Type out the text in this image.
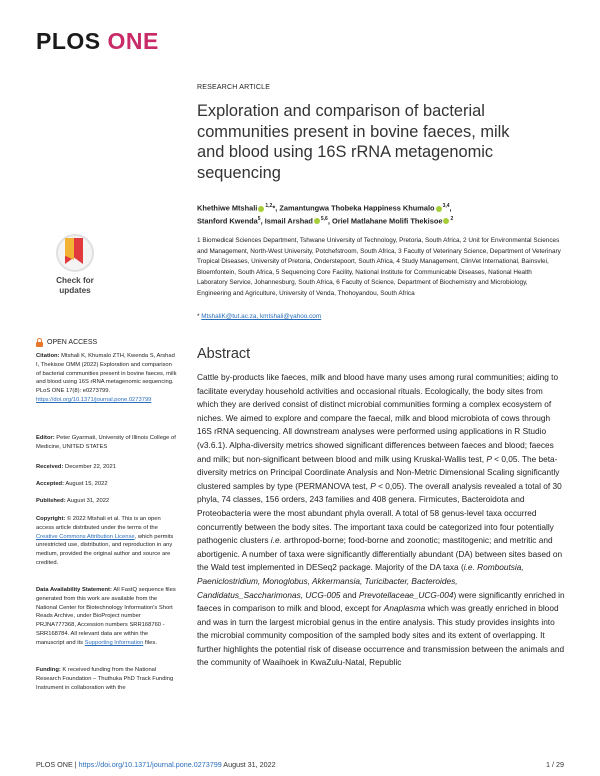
PLOS ONE
RESEARCH ARTICLE
Exploration and comparison of bacterial communities present in bovine faeces, milk and blood using 16S rRNA metagenomic sequencing
Khethiwe Mtshali $^{1,2}$*, Zamantungwa Thobeka Happiness Khumalo $^{3,4}$,
Stanford Kwenda$^5$, Ismail Arshad $^{5,6}$, Oriel Matlahane Molifi Thekisoe $^2$
1 Biomedical Sciences Department, Tshwane University of Technology, Pretoria, South Africa, 2 Unit for Environmental Sciences and Management, North-West University, Potchefstroom, South Africa, 3 Faculty of Veterinary Science, Department of Veterinary Tropical Diseases, University of Pretoria, Onderstepoort, South Africa, 4 Study Management, ClinVet International, Bainsvlei, Bloemfontein, South Africa, 5 Sequencing Core Facility, National Institute for Communicable Diseases, National Health Laboratory Service, Johannesburg, South Africa, 6 Faculty of Science, Department of Biochemistry and Microbiology, Engineering and Agriculture, University of Venda, Thohoyandou, South Africa
* MtshaliK@tut.ac.za, kmtshali@yahoo.com
Check for
updates
OPEN ACCESS
Citation: Mtshali K, Khumalo ZTH, Kwenda S, Arshad I, Thekisoe OMM (2022) Exploration and comparison of bacterial communities present in bovine faeces, milk and blood using 16S rRNA metagenomic sequencing. PLoS ONE 17(8): e0273799. https://doi.org/10.1371/journal.pone.0273799
Editor: Peter Gyarmati, University of Illinois College of Medicine, UNITED STATES
Received: December 22, 2021
Accepted: August 15, 2022
Published: August 31, 2022
Copyright: © 2022 Mtshali et al. This is an open access article distributed under the terms of the Creative Commons Attribution License, which permits unrestricted use, distribution, and reproduction in any medium, provided the original author and source are credited.
Data Availability Statement: All FastQ sequence files generated from this work are available from the National Center for Biotechnology Information's Short Reads Archive, under BioProject number PRJNA777368, Accession numbers SRR168760 -SRR168784. All relevant data are within the manuscript and its Supporting Information files.
Funding: K received funding from the National Research Foundation – Thuthuka PhD Track Funding Instrument in collaboration with the
Abstract
Cattle by-products like faeces, milk and blood have many uses among rural communities; aiding to facilitate everyday household activities and occasional rituals. Ecologically, the body sites from which they are derived consist of distinct microbial communities forming a complex ecosystem of niches. We aimed to explore and compare the faecal, milk and blood microbiota of cows through 16S rRNA sequencing. All downstream analyses were performed using applications in R Studio (v3.6.1). Alpha-diversity metrics showed significant differences between faeces and blood; faeces and milk; but non-significant between blood and milk using Kruskal-Wallis test, P < 0,05. The beta-diversity metrics on Principal Coordinate Analysis and Non-Metric Dimensional Scaling significantly clustered samples by type (PERMANOVA test, P < 0,05). The overall analysis revealed a total of 30 phyla, 74 classes, 156 orders, 243 families and 408 genera. Firmicutes, Bacteroidota and Proteobacteria were the most abundant phyla overall. A total of 58 genus-level taxa occurred concurrently between the body sites. The important taxa could be categorized into four potentially pathogenic clusters i.e. arthropod-borne; food-borne and zoonotic; mastitogenic; and metritic and abortigenic. A number of taxa were significantly differentially abundant (DA) between sites based on the Wald test implemented in DESeq2 package. Majority of the DA taxa (i.e. Romboutsia, Paeniclostridium, Monoglobus, Akkermansia, Turicibacter, Bacteroides, Candidatus_Saccharimonas, UCG-005 and Prevotellaceae_UCG-004) were significantly enriched in faeces in comparison to milk and blood, except for Anaplasma which was greatly enriched in blood and was in turn the largest microbial genus in the entire analysis. This study provides insights into the microbial community composition of the sampled body sites and its extent of overlapping. It further highlights the potential risk of disease occurrence and transmission between the animals and the community of Waaihoek in KwaZulu-Natal, Republic
PLOS ONE | https://doi.org/10.1371/journal.pone.0273799 August 31, 2022	1 / 29
